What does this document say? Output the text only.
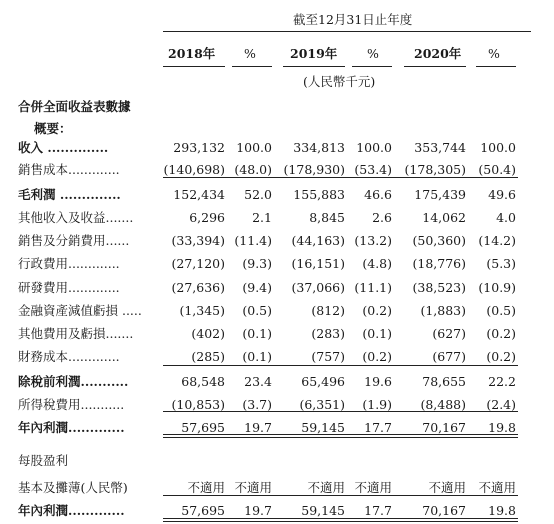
截至12月31日止年度
2018年 %	2019年 %	2020年 %
(人民幣千元)
合併全面收益表數據
概要：
收入 ..............	293,132 100.0 334,813 100.0 353,744 100.0
銷售成本.............	(140,698) (48.0) (178,930) (53.4) (178,305) (50.4)
毛利潤 ..............	152,434 52.0 155,883 46.6 175,439 49.6
其他收入及收益.......	6,296 2.1	8,845 2.6 14,062 4.0
銷售及分銷費用......	(33,394) (11.4) (44,163) (13.2) (50,360) (14.2)
行政費用.............	(27,120) (9.3) (16,151) (4.8) (18,776) (5.3)
研發費用.............	(27,636) (9.4) (37,066) (11.1) (38,523) (10.9)
金融資產減值虧損 .....	(1,345) (0.5)	(812) (0.2) (1,883) (0.5)
其他費用及虧損.......	(402) (0.1)	(283) (0.1)	(627) (0.2)
財務成本.............	(285) (0.1)	(757) (0.2)	(677) (0.2)
除稅前利潤...........	68,548 23.4 65,496 19.6 78,655 22.2
所得稅費用...........	(10,853) (3.7) (6,351) (1.9) (8,488) (2.4)
年內利潤.............	57,695 19.7 59,145 17.7 70,167 19.8
基本及攤薄(人民幣)	不適用 不適用	不適用 不適用	不適用 不適用
年內利潤.............	57,695 19.7 59,145 17.7 70,167 19.8
每股盈利
